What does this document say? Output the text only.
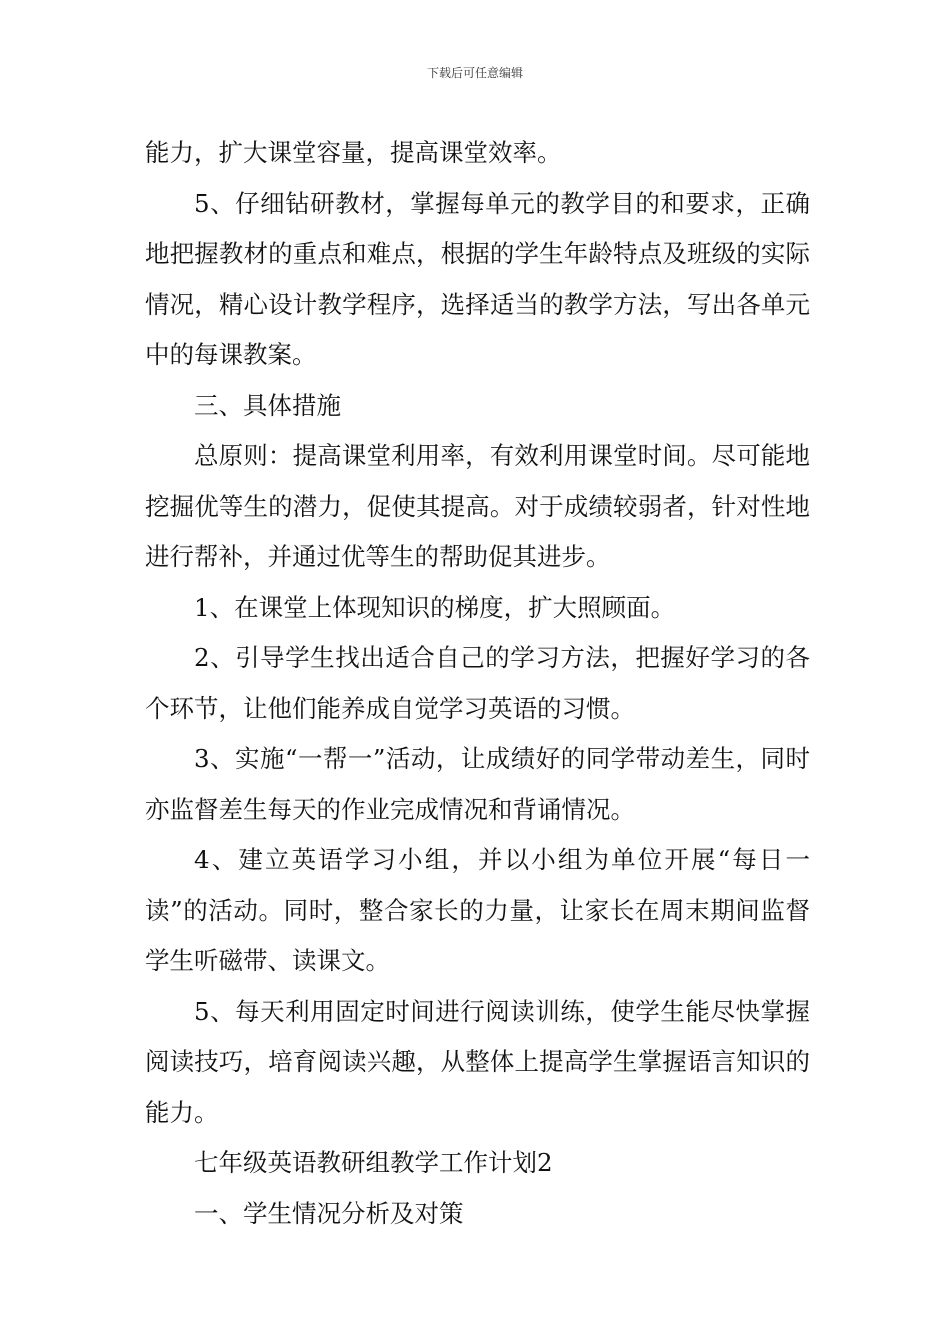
下载后可任意编辑

能力，扩大课堂容量，提高课堂效率。

5、仔细钻研教材，掌握每单元的教学目的和要求，正确地把握教材的重点和难点，根据的学生年龄特点及班级的实际情况，精心设计教学程序，选择适当的教学方法，写出各单元中的每课教案。

三、具体措施

总原则：提高课堂利用率，有效利用课堂时间。尽可能地挖掘优等生的潜力，促使其提高。对于成绩较弱者，针对性地进行帮补，并通过优等生的帮助促其进步。

1、在课堂上体现知识的梯度，扩大照顾面。

2、引导学生找出适合自己的学习方法，把握好学习的各个环节，让他们能养成自觉学习英语的习惯。

3、实施“一帮一”活动，让成绩好的同学带动差生，同时亦监督差生每天的作业完成情况和背诵情况。

4、建立英语学习小组，并以小组为单位开展“每日一读”的活动。同时，整合家长的力量，让家长在周末期间监督学生听磁带、读课文。

5、每天利用固定时间进行阅读训练，使学生能尽快掌握阅读技巧，培育阅读兴趣，从整体上提高学生掌握语言知识的能力。

七年级英语教研组教学工作计划2

一、学生情况分析及对策
